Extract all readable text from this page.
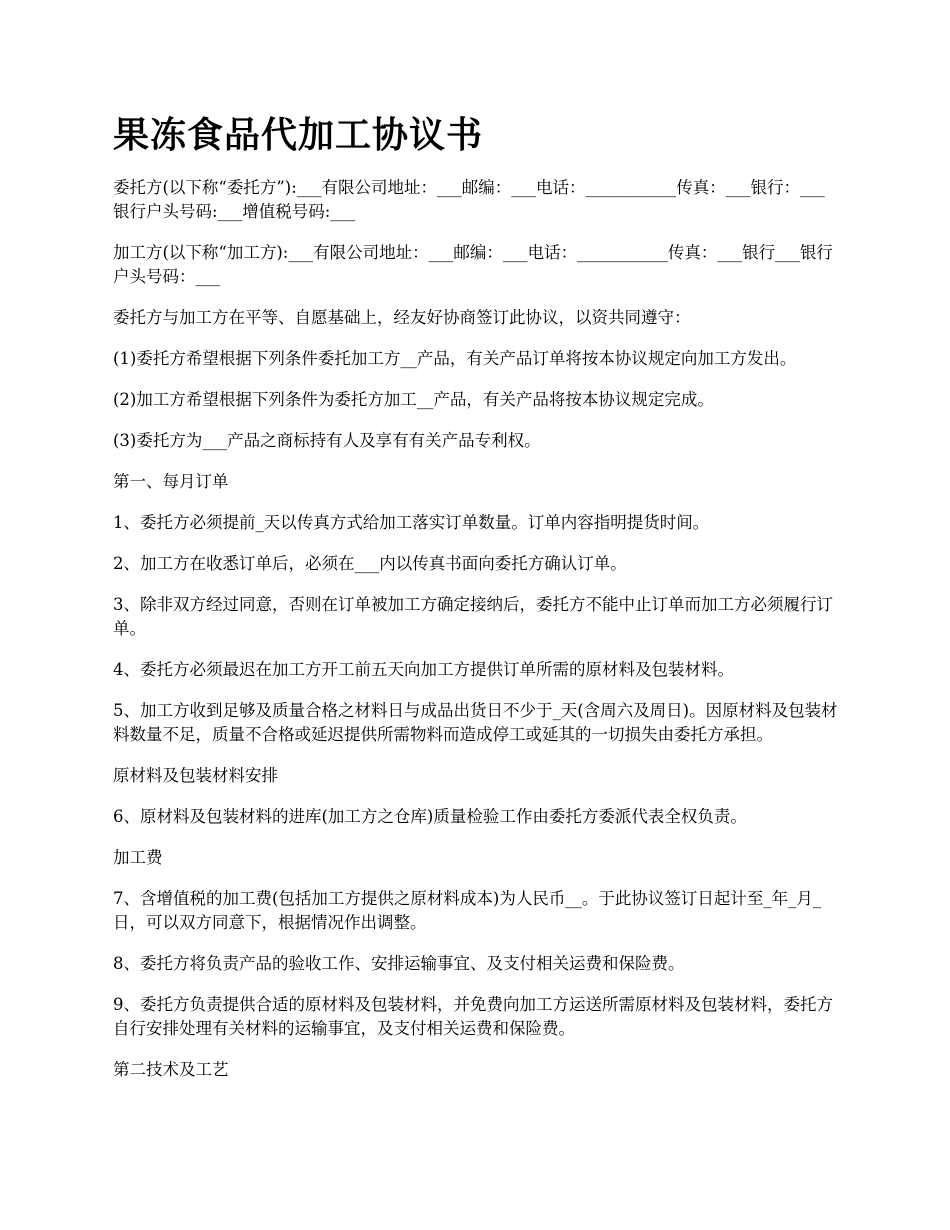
果冻食品代加工协议书

委托方(以下称“委托方”):___有限公司地址：___邮编：___电话：___________传真：___银行：___银行户头号码:___增值税号码:___

加工方(以下称“加工方):___有限公司地址：___邮编：___电话：___________传真：___银行___银行户头号码：___

委托方与加工方在平等、自愿基础上，经友好协商签订此协议，以资共同遵守：

(1)委托方希望根据下列条件委托加工方__产品，有关产品订单将按本协议规定向加工方发出。

(2)加工方希望根据下列条件为委托方加工__产品，有关产品将按本协议规定完成。

(3)委托方为___产品之商标持有人及享有有关产品专利权。

第一、每月订单

1、委托方必须提前_天以传真方式给加工落实订单数量。订单内容指明提货时间。

2、加工方在收悉订单后，必须在___内以传真书面向委托方确认订单。

3、除非双方经过同意，否则在订单被加工方确定接纳后，委托方不能中止订单而加工方必须履行订单。

4、委托方必须最迟在加工方开工前五天向加工方提供订单所需的原材料及包装材料。

5、加工方收到足够及质量合格之材料日与成品出货日不少于_天(含周六及周日)。因原材料及包装材料数量不足，质量不合格或延迟提供所需物料而造成停工或延其的一切损失由委托方承担。

原材料及包装材料安排

6、原材料及包装材料的进库(加工方之仓库)质量检验工作由委托方委派代表全权负责。

加工费

7、含增值税的加工费(包括加工方提供之原材料成本)为人民币__。于此协议签订日起计至_年_月_日，可以双方同意下，根据情况作出调整。

8、委托方将负责产品的验收工作、安排运输事宜、及支付相关运费和保险费。

9、委托方负责提供合适的原材料及包装材料，并免费向加工方运送所需原材料及包装材料，委托方自行安排处理有关材料的运输事宜，及支付相关运费和保险费。

第二技术及工艺
